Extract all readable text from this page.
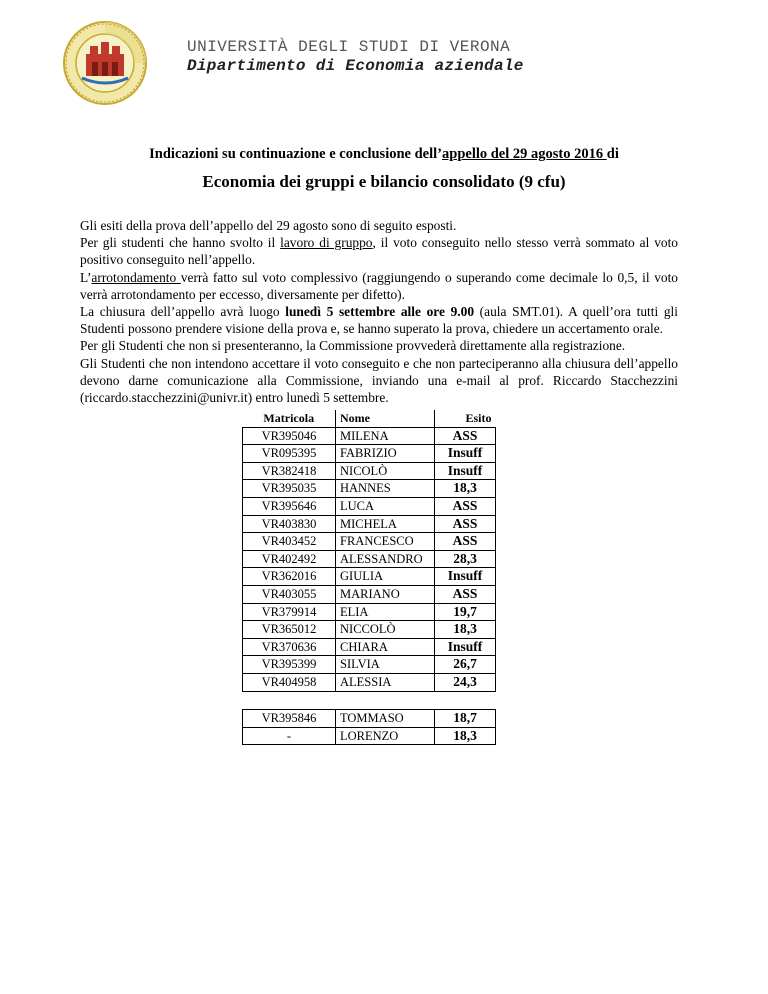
UNIVERSITÀ DEGLI STUDI DI VERONA
Dipartimento di Economia aziendale
Indicazioni su continuazione e conclusione dell’appello del 29 agosto 2016 di
Economia dei gruppi e bilancio consolidato (9 cfu)

Gli esiti della prova dell’appello del 29 agosto sono di seguito esposti.

Per gli studenti che hanno svolto il lavoro di gruppo, il voto conseguito nello stesso verrà sommato al voto positivo conseguito nell’appello.

L’arrotondamento verrà fatto sul voto complessivo (raggiungendo o superando come decimale lo 0,5, il voto verrà arrotondamento per eccesso, diversamente per difetto).

La chiusura dell’appello avrà luogo lunedì 5 settembre alle ore 9.00 (aula SMT.01). A quell’ora tutti gli Studenti possono prendere visione della prova e, se hanno superato la prova, chiedere un accertamento orale.

Per gli Studenti che non si presenteranno, la Commissione provvederà direttamente alla registrazione.

Gli Studenti che non intendono accettare il voto conseguito e che non parteciperanno alla chiusura dell’appello devono darne comunicazione alla Commissione, inviando una e-mail al prof. Riccardo Stacchezzini (riccardo.stacchezzini@univr.it) entro lunedì 5 settembre.

Matricola	Nome	Esito
VR395046	MILENA	ASS
VR095395	FABRIZIO	Insuff
VR382418	NICOLÒ	Insuff
VR395035	HANNES	18,3
VR395646	LUCA	ASS
VR403830	MICHELA	ASS
VR403452	FRANCESCO	ASS
VR402492	ALESSANDRO	28,3
VR362016	GIULIA	Insuff
VR403055	MARIANO	ASS
VR379914	ELIA	19,7
VR365012	NICCOLÒ	18,3
VR370636	CHIARA	Insuff
VR395399	SILVIA	26,7
VR404958	ALESSIA	24,3
VR395846	TOMMASO	18,7
-	LORENZO	18,3
